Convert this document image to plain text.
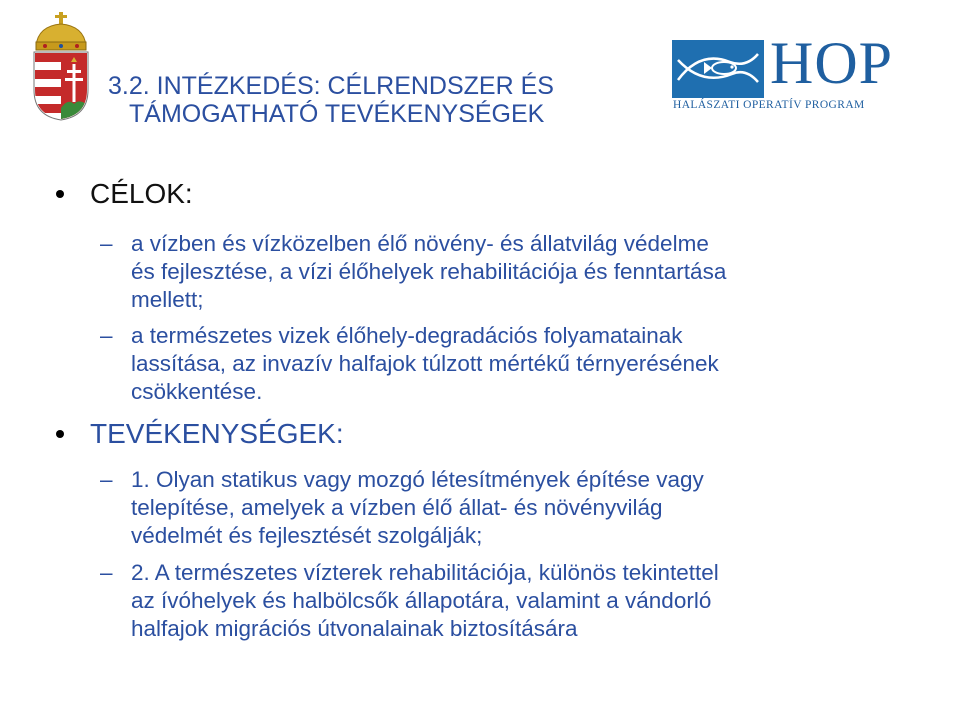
3.2. INTÉZKEDÉS: CÉLRENDSZER ÉS
TÁMOGATHATÓ TEVÉKENYSÉGEK
HOP
HALÁSZATI OPERATÍV PROGRAM
CÉLOK:
– a vízben és vízközelben élő növény- és állatvilág védelme
és fejlesztése, a vízi élőhelyek rehabilitációja és fenntartása
mellett;
– a természetes vizek élőhely-degradációs folyamatainak
lassítása, az invazív halfajok túlzott mértékű térnyerésének
csökkentése.
TEVÉKENYSÉGEK:
– 1. Olyan statikus vagy mozgó létesítmények építése vagy
telepítése, amelyek a vízben élő állat- és növényvilág
védelmét és fejlesztését szolgálják;
– 2. A természetes vízterek rehabilitációja, különös tekintettel
az ívóhelyek és halbölcsők állapotára, valamint a vándorló
halfajok migrációs útvonalainak biztosítására
